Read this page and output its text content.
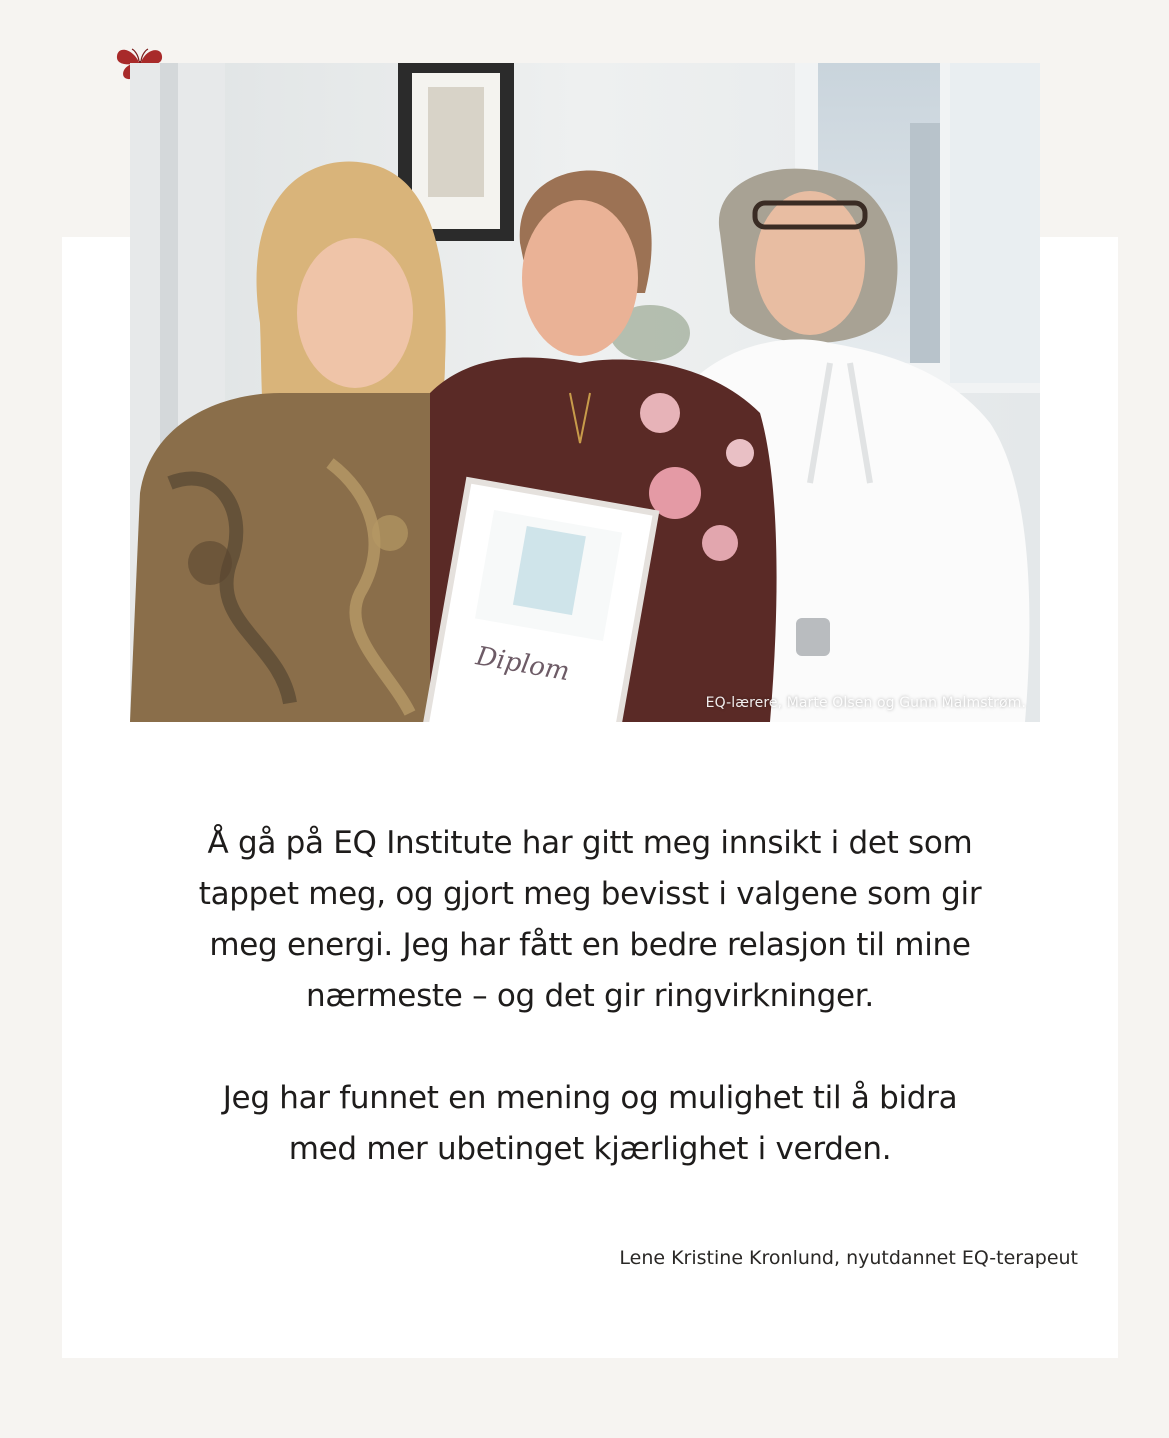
Diplom
EQ-lærere, Marte Olsen og Gunn Malmstrøm.

Å gå på EQ Institute har gitt meg innsikt i det som

tappet meg, og gjort meg bevisst i valgene som gir

meg energi. Jeg har fått en bedre relasjon til mine

nærmeste – og det gir ringvirkninger.

Jeg har funnet en mening og mulighet til å bidra

med mer ubetinget kjærlighet i verden.

Lene Kristine Kronlund, nyutdannet EQ-terapeut
